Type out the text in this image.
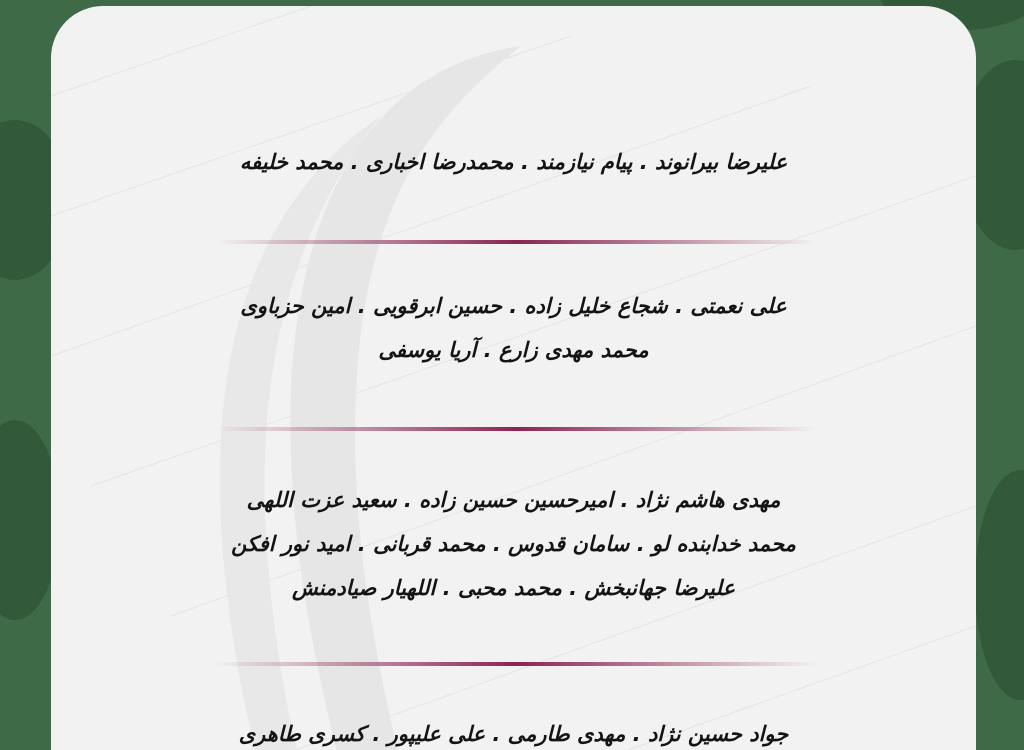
علیرضا بیرانوند . پیام نیازمند . محمدرضا اخباری . محمد خلیفه
علی نعمتی . شجاع خلیل زاده . حسین ابرقویی . امین حزباوی
محمد مهدی زارع . آریا یوسفی
مهدی هاشم نژاد . امیرحسین حسین زاده . سعید عزت اللهی
محمد خدابنده لو . سامان قدوس . محمد قربانی . امید نور افکن
علیرضا جهانبخش . محمد محبی . اللهیار صیادمنش
جواد حسین نژاد . مهدی طارمی . علی علیپور . کسری طاهری
